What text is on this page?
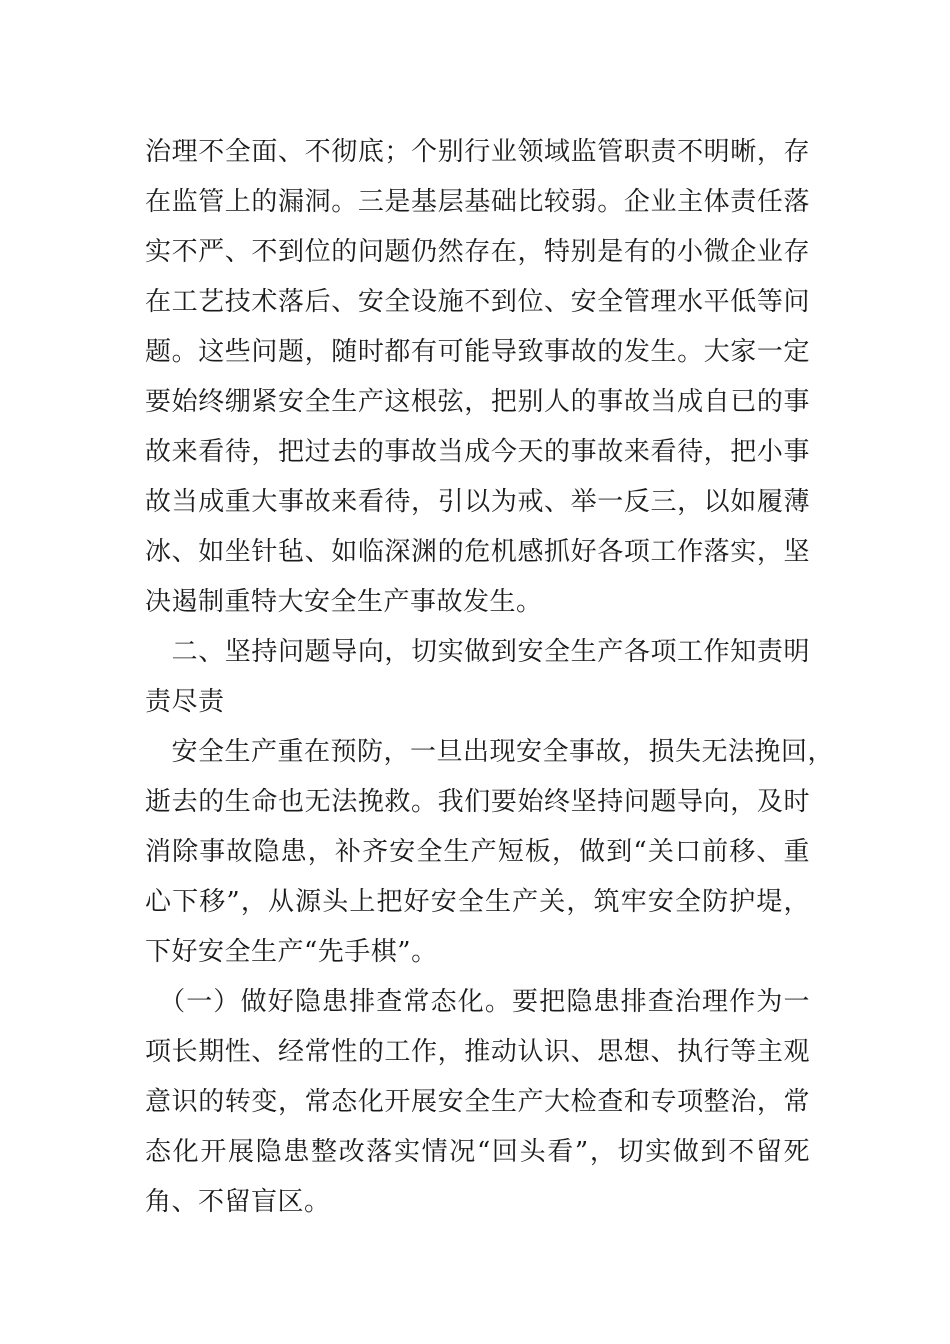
治理不全面、不彻底；个别行业领域监管职责不明晰，存
在监管上的漏洞。三是基层基础比较弱。企业主体责任落
实不严、不到位的问题仍然存在，特别是有的小微企业存
在工艺技术落后、安全设施不到位、安全管理水平低等问
题。这些问题，随时都有可能导致事故的发生。大家一定
要始终绷紧安全生产这根弦，把别人的事故当成自已的事
故来看待，把过去的事故当成今天的事故来看待，把小事
故当成重大事故来看待，引以为戒、举一反三，以如履薄
冰、如坐针毡、如临深渊的危机感抓好各项工作落实，坚
决遏制重特大安全生产事故发生。
　二、坚持问题导向，切实做到安全生产各项工作知责明
责尽责
　安全生产重在预防，一旦出现安全事故，损失无法挽回，
逝去的生命也无法挽救。我们要始终坚持问题导向，及时
消除事故隐患，补齐安全生产短板，做到“关口前移、重
心下移”，从源头上把好安全生产关，筑牢安全防护堤，
下好安全生产“先手棋”。
　（一）做好隐患排查常态化。要把隐患排查治理作为一
项长期性、经常性的工作，推动认识、思想、执行等主观
意识的转变，常态化开展安全生产大检查和专项整治，常
态化开展隐患整改落实情况“回头看”，切实做到不留死
角、不留盲区。
